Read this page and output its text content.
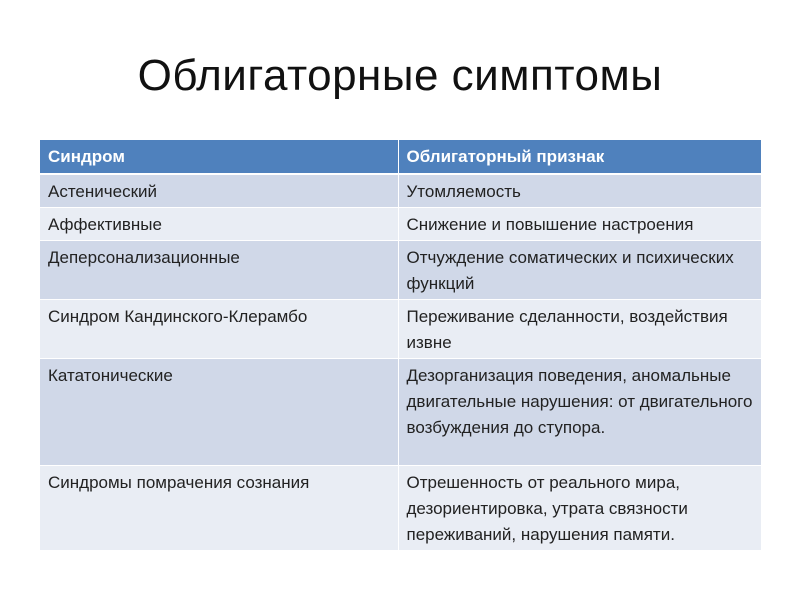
Облигаторные симптомы
Синдром	Облигаторный признак
Астенический	Утомляемость
Аффективные	Снижение и повышение настроения
Деперсонализационные	Отчуждение соматических и психических функций
Синдром Кандинского-Клерамбо	Переживание сделанности, воздействия извне
Кататонические	Дезорганизация поведения, аномальные двигательные нарушения: от двигательного возбуждения до ступора.
Синдромы помрачения сознания	Отрешенность от реального мира, дезориентировка, утрата связности переживаний, нарушения памяти.
